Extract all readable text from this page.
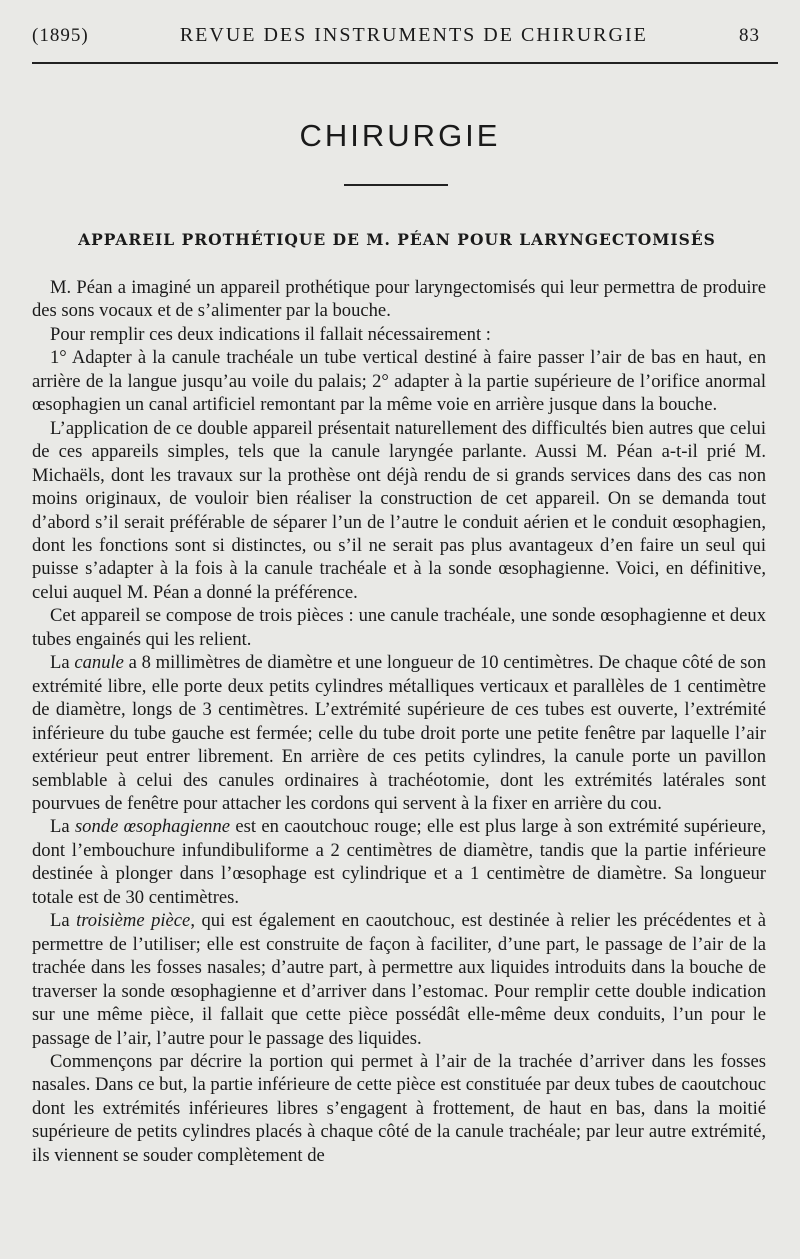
(1895)	REVUE DES INSTRUMENTS DE CHIRURGIE	83
CHIRURGIE
APPAREIL PROTHÉTIQUE DE M. PÉAN POUR LARYNGECTOMISÉS

M. Péan a imaginé un appareil prothétique pour laryngectomisés qui leur permettra de produire des sons vocaux et de s’alimenter par la bouche.

Pour remplir ces deux indications il fallait nécessairement :

1° Adapter à la canule trachéale un tube vertical destiné à faire passer l’air de bas en haut, en arrière de la langue jusqu’au voile du palais; 2° adapter à la partie supérieure de l’orifice anormal œsophagien un canal artificiel remontant par la même voie en arrière jusque dans la bouche.

L’application de ce double appareil présentait naturellement des difficultés bien autres que celui de ces appareils simples, tels que la canule laryngée parlante. Aussi M. Péan a-t-il prié M. Michaëls, dont les travaux sur la prothèse ont déjà rendu de si grands services dans des cas non moins originaux, de vouloir bien réaliser la construction de cet appareil. On se demanda tout d’abord s’il serait préférable de séparer l’un de l’autre le conduit aérien et le conduit œsophagien, dont les fonctions sont si distinctes, ou s’il ne serait pas plus avantageux d’en faire un seul qui puisse s’adapter à la fois à la canule trachéale et à la sonde œsophagienne. Voici, en définitive, celui auquel M. Péan a donné la préférence.

Cet appareil se compose de trois pièces : une canule trachéale, une sonde œsophagienne et deux tubes engainés qui les relient.

La canule a 8 millimètres de diamètre et une longueur de 10 centimètres. De chaque côté de son extrémité libre, elle porte deux petits cylindres métalliques verticaux et parallèles de 1 centimètre de diamètre, longs de 3 centimètres. L’extrémité supérieure de ces tubes est ouverte, l’extrémité inférieure du tube gauche est fermée; celle du tube droit porte une petite fenêtre par laquelle l’air extérieur peut entrer librement. En arrière de ces petits cylindres, la canule porte un pavillon semblable à celui des canules ordinaires à trachéotomie, dont les extrémités latérales sont pourvues de fenêtre pour attacher les cordons qui servent à la fixer en arrière du cou.

La sonde œsophagienne est en caoutchouc rouge; elle est plus large à son extrémité supérieure, dont l’embouchure infundibuliforme a 2 centimètres de diamètre, tandis que la partie inférieure destinée à plonger dans l’œsophage est cylindrique et a 1 centimètre de diamètre. Sa longueur totale est de 30 centimètres.

La troisième pièce, qui est également en caoutchouc, est destinée à relier les précédentes et à permettre de l’utiliser; elle est construite de façon à faciliter, d’une part, le passage de l’air de la trachée dans les fosses nasales; d’autre part, à permettre aux liquides introduits dans la bouche de traverser la sonde œsophagienne et d’arriver dans l’estomac. Pour remplir cette double indication sur une même pièce, il fallait que cette pièce possédât elle-même deux conduits, l’un pour le passage de l’air, l’autre pour le passage des liquides.

Commençons par décrire la portion qui permet à l’air de la trachée d’arriver dans les fosses nasales. Dans ce but, la partie inférieure de cette pièce est constituée par deux tubes de caoutchouc dont les extrémités inférieures libres s’engagent à frottement, de haut en bas, dans la moitié supérieure de petits cylindres placés à chaque côté de la canule trachéale; par leur autre extrémité, ils viennent se souder complètement de
